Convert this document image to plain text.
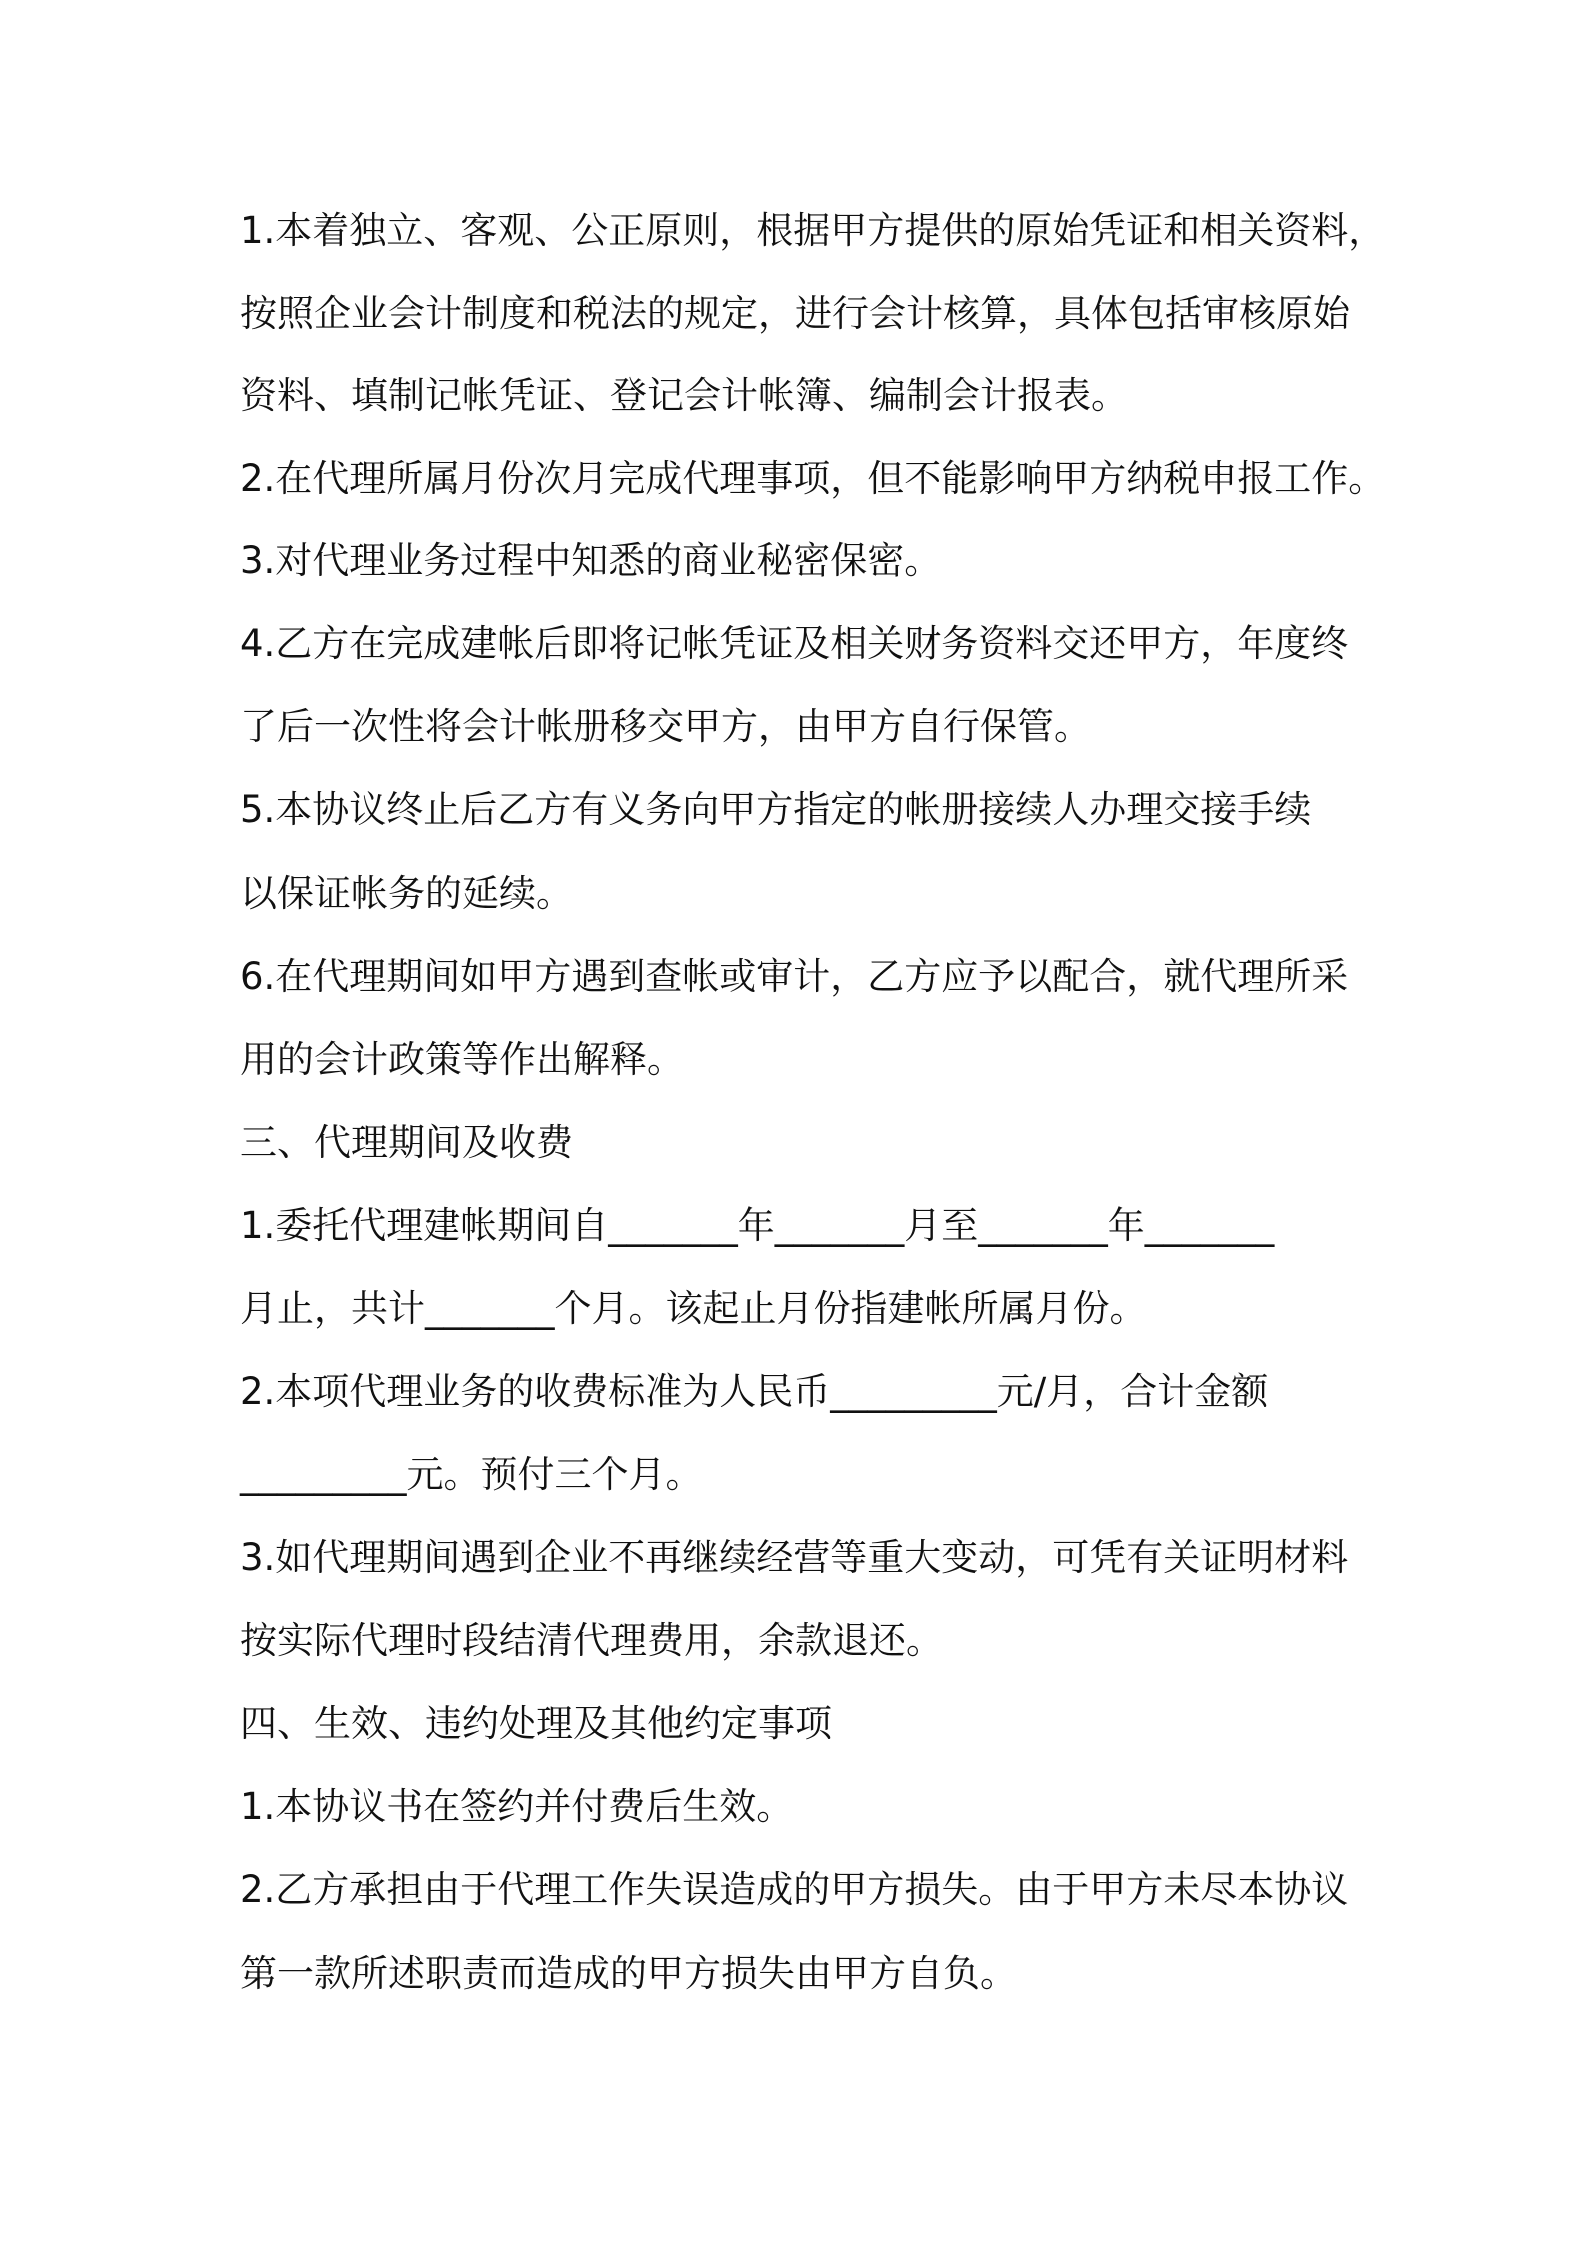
1.本着独立、客观、公正原则，根据甲方提供的原始凭证和相关资料，
按照企业会计制度和税法的规定，进行会计核算，具体包括审核原始
资料、填制记帐凭证、登记会计帐簿、编制会计报表。
2.在代理所属月份次月完成代理事项，但不能影响甲方纳税申报工作。
3.对代理业务过程中知悉的商业秘密保密。
4.乙方在完成建帐后即将记帐凭证及相关财务资料交还甲方，年度终
了后一次性将会计帐册移交甲方，由甲方自行保管。
5.本协议终止后乙方有义务向甲方指定的帐册接续人办理交接手续
以保证帐务的延续。
6.在代理期间如甲方遇到查帐或审计，乙方应予以配合，就代理所采
用的会计政策等作出解释。
三、代理期间及收费
1.委托代理建帐期间自_______年_______月至_______年_______
月止，共计_______个月。该起止月份指建帐所属月份。
2.本项代理业务的收费标准为人民币_________元/月，合计金额
_________元。预付三个月。
3.如代理期间遇到企业不再继续经营等重大变动，可凭有关证明材料
按实际代理时段结清代理费用，余款退还。
四、生效、违约处理及其他约定事项
1.本协议书在签约并付费后生效。
2.乙方承担由于代理工作失误造成的甲方损失。由于甲方未尽本协议
第一款所述职责而造成的甲方损失由甲方自负。
